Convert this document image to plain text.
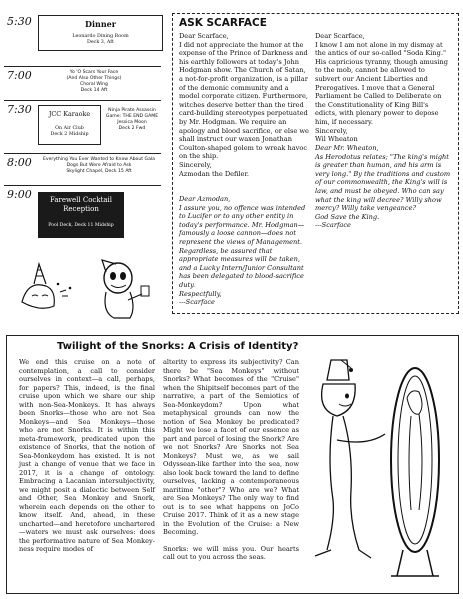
5:30	Dinner
Leonardo Dining Room
Deck 3, Aft
7:00	Yo 'O Scars Your Face
(And Also Other Things)
Choral Wing
Deck 14 Aft
7:30	JCC Karaoke
On Air Club
Deck 2 Midship
Ninja Pirate Assassin
Game: THE END GAME
Jessica Moon
Deck 2 Fwd
8:00	Everything You Ever Wanted to Know About Gala
Dogs But Were Afraid to Ask
Skylight Chapel, Deck 15 Aft
9:00	Farewell Cocktail
Reception
Pool Deck, Deck 11 Midship
ASK SCARFACE
Dear Scarface,
I did not appreciate the humor at the expense of the Prince of Darkness and his earthly followers at today's John Hodgman show. The Church of Satan, a not-for-profit organization, is a pillar of the demonic community and a model corporate citizen. Furthermore, witches deserve better than the tired card-building stereotypes perpetuated by Mr. Hodgman. We require an apology and blood sacrifice, or else we shall instruct our waxen Jonathan Coulton-shaped golem to wreak havoc on the ship.
Sincerely,
Azmodan the Defiler.
Dear Azmodan,
I assure you, no offence was intended to Lucifer or to any other entity in today's performance. Mr. Hodgman—famously a loose cannon—does not represent the views of Management. Regardless, be assured that appropriate measures will be taken, and a Lucky Intern/Junior Consultant has been delegated to blood-sacrifice duty.
Respectfully,
---Scarface
Dear Scarface,
I know I am not alone in my dismay at the antics of our so-called "Soda King." His capricious tyranny, though amusing to the mob, cannot be allowed to subvert our Ancient Liberties and Prerogatives. I move that a General Parliament be Called to Deliberate on the Constitutionality of King Bill's edicts, with plenary power to depose him, if necessary.
Sincerely,
Wil Wheaton
Dear Mr. Wheaton,
As Herodotus relates; "The king's might is greater than human, and his arm is very long." By the traditions and custom of our commonwealth, the King's will is law, and must be obeyed. Who can say what the king will decree? Willy show mercy? Willy take vengeance?
God Save the King.
---Scarface
Twilight of the Snorks: A Crisis of Identity?
We end this cruise on a note of contemplation, a call to consider ourselves in context—a call, perhaps, for papers? This, indeed, is the final cruise upon which we share our ship with non-Sea-Monkeys. It has always been Snorks—those who are not Sea Monkeys—and Sea Monkeys—those who are not Snorks. It is within this meta-framework, predicated upon the existence of Snorks, that the notion of Sea-Monkeydom has existed. It is not just a change of venue that we face in 2017, it is a change of ontology. Embracing a Lacanian intersubjectivity, we might posit a dialectic between Self and Other, Sea Monkey and Snork, wherein each depends on the other to know itself. And, ahead, in these uncharted—and heretofore unchartered—waters we must ask ourselves: does the performative nature of Sea Monkey-ness require modes of

alterity to express its subjectivity? Can there be "Sea Monkeys" without Snorks? What becomes of the "Cruise" when the Shipitself becomes part of the narrative, a part of the Semiotics of Sea-Monkeydom? Upon what metaphysical grounds can now the notion of Sea Monkey be predicated? Might we lose a facet of our essence as part and parcel of losing the Snork? Are we not Snorks? Are Snorks not Sea Monkeys? Must we, as we sail Odyssean-like farther into the sea, now also look back toward the land to define ourselves, lacking a contemporaneous maritime "other"? Who are we? What are Sea Monkeys? The only way to find out is to see what happens on JoCo Cruise 2017. Think of it as a new stage in the Evolution of the Cruise: a New Becoming.

Snorks: we will miss you. Our hearts call out to you across the seas.
